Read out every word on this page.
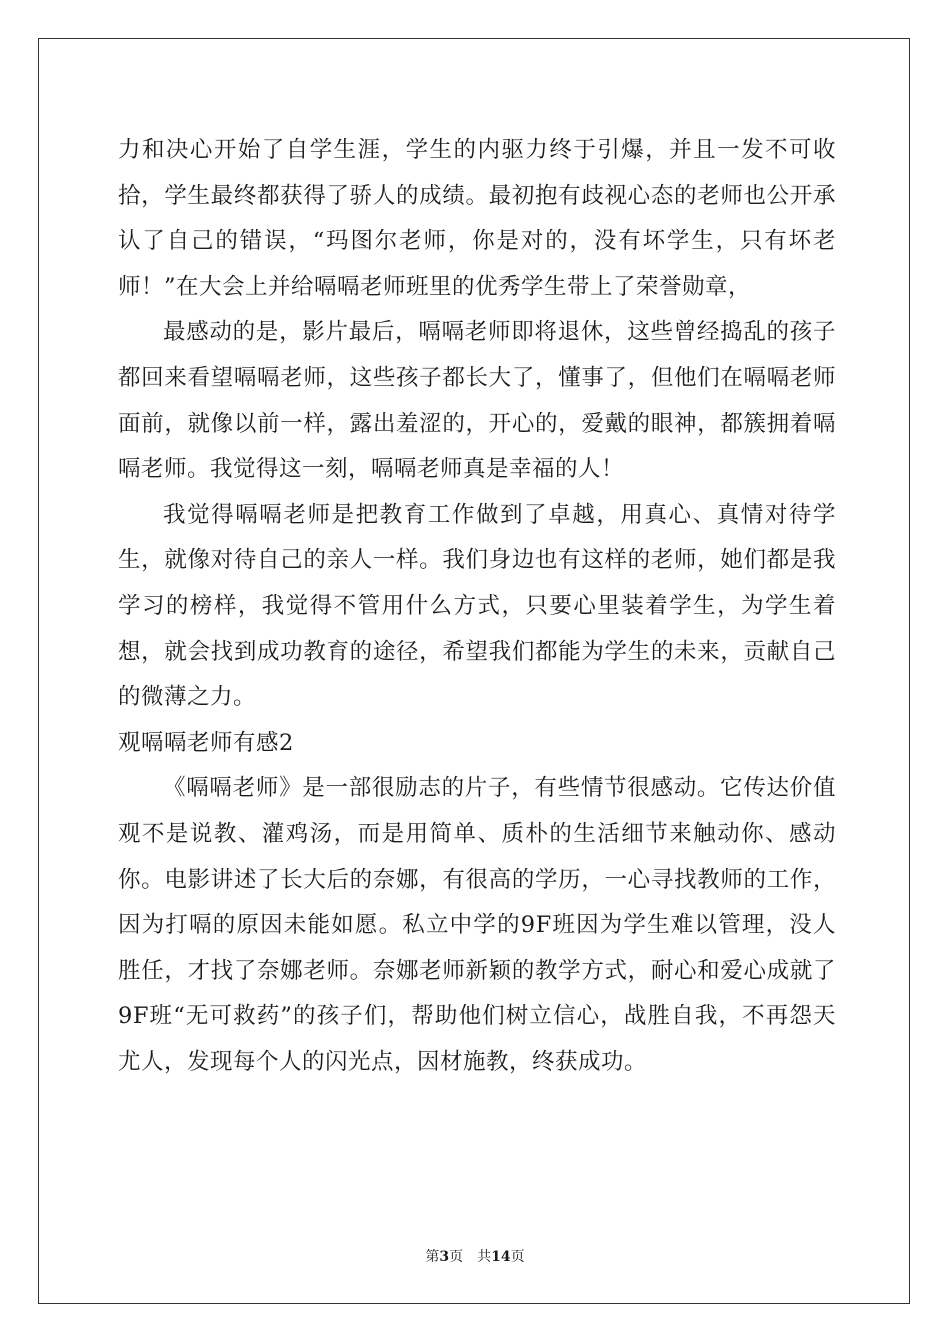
力和决心开始了自学生涯，学生的内驱力终于引爆，并且一发不可收拾，学生最终都获得了骄人的成绩。最初抱有歧视心态的老师也公开承认了自己的错误，“玛图尔老师，你是对的，没有坏学生，只有坏老师！”在大会上并给嗝嗝老师班里的优秀学生带上了荣誉勋章，

最感动的是，影片最后，嗝嗝老师即将退休，这些曾经捣乱的孩子都回来看望嗝嗝老师，这些孩子都长大了，懂事了，但他们在嗝嗝老师面前，就像以前一样，露出羞涩的，开心的，爱戴的眼神，都簇拥着嗝嗝老师。我觉得这一刻，嗝嗝老师真是幸福的人！

我觉得嗝嗝老师是把教育工作做到了卓越，用真心、真情对待学生，就像对待自己的亲人一样。我们身边也有这样的老师，她们都是我学习的榜样，我觉得不管用什么方式，只要心里装着学生，为学生着想，就会找到成功教育的途径，希望我们都能为学生的未来，贡献自己的微薄之力。

观嗝嗝老师有感2

《嗝嗝老师》是一部很励志的片子，有些情节很感动。它传达价值观不是说教、灌鸡汤，而是用简单、质朴的生活细节来触动你、感动你。电影讲述了长大后的奈娜，有很高的学历，一心寻找教师的工作，因为打嗝的原因未能如愿。私立中学的9F班因为学生难以管理，没人胜任，才找了奈娜老师。奈娜老师新颖的教学方式，耐心和爱心成就了9F班“无可救药”的孩子们，帮助他们树立信心，战胜自我，不再怨天尤人，发现每个人的闪光点，因材施教，终获成功。

第3页 共14页
